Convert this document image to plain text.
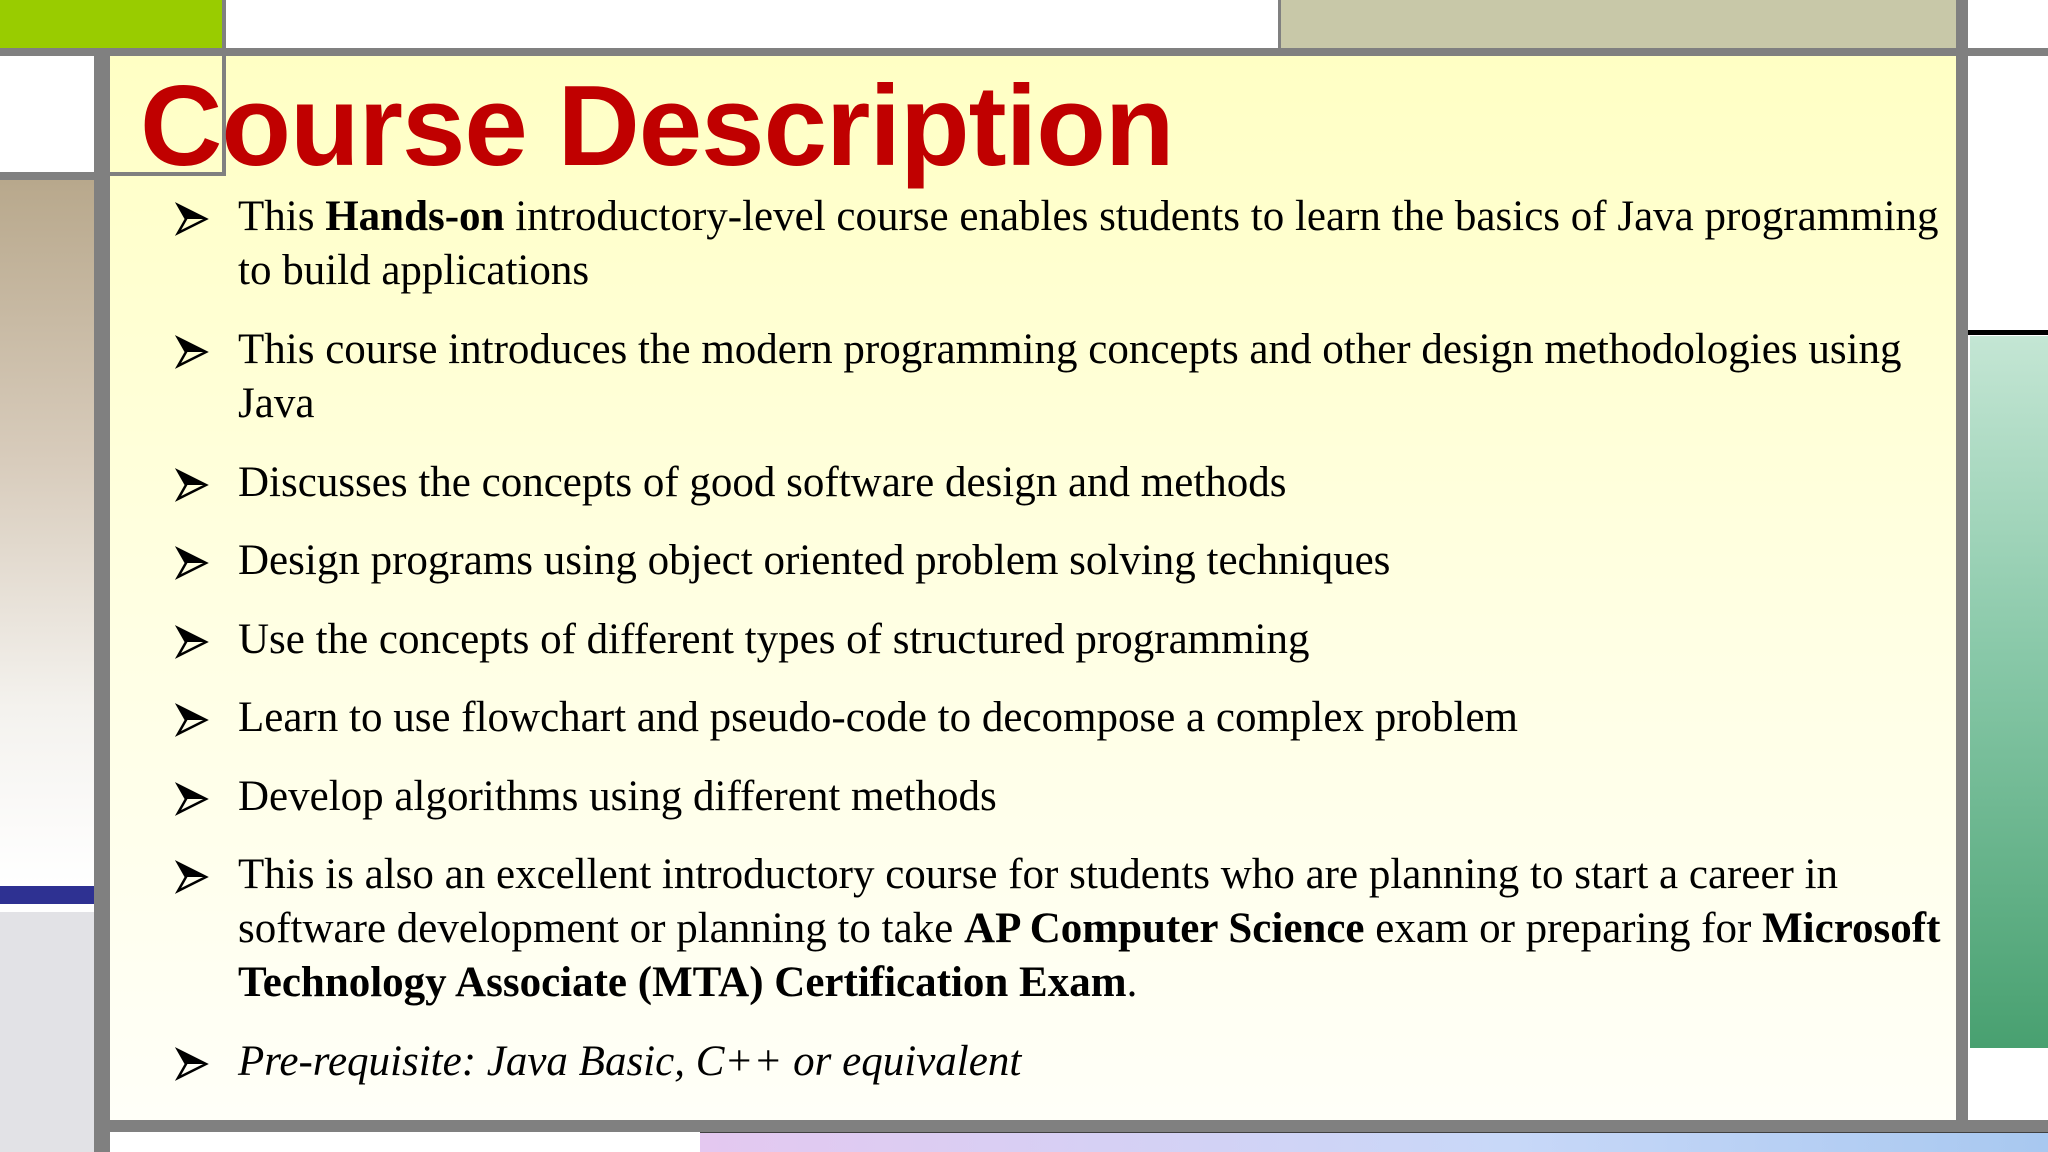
Course Description
This Hands-on introductory-level course enables students to learn the basics of Java programming to build applications
This course introduces the modern programming concepts and other design methodologies using Java
Discusses the concepts of good software design and methods
Design programs using object oriented problem solving techniques
Use the concepts of different types of structured programming
Learn to use flowchart and pseudo-code to decompose a complex problem
Develop algorithms using different methods
This is also an excellent introductory course for students who are planning to start a career in software development or planning to take AP Computer Science exam or preparing for Microsoft Technology Associate (MTA) Certification Exam.
Pre-requisite: Java Basic, C++ or equivalent
